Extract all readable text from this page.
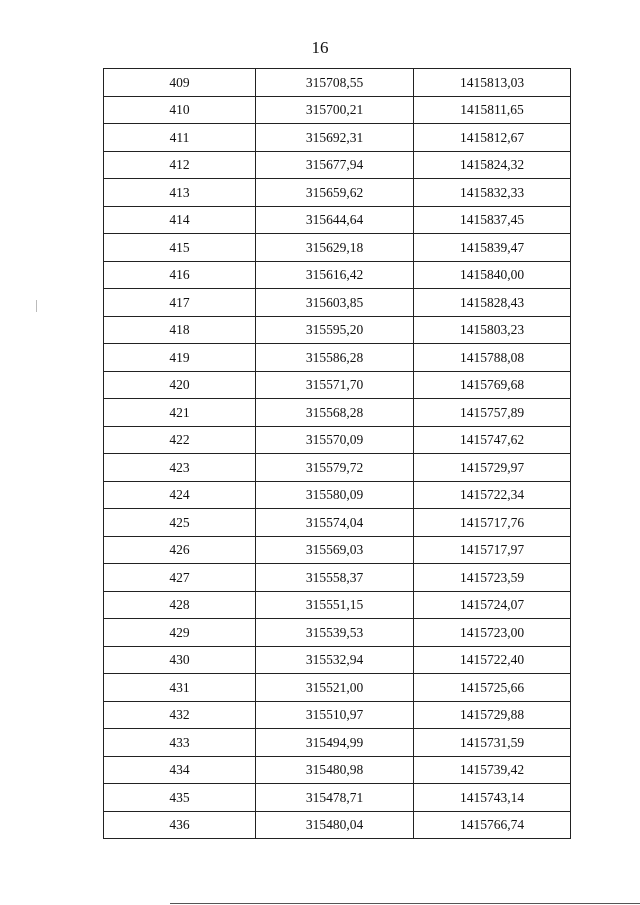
16
409	315708,55	1415813,03
410	315700,21	1415811,65
411	315692,31	1415812,67
412	315677,94	1415824,32
413	315659,62	1415832,33
414	315644,64	1415837,45
415	315629,18	1415839,47
416	315616,42	1415840,00
417	315603,85	1415828,43
418	315595,20	1415803,23
419	315586,28	1415788,08
420	315571,70	1415769,68
421	315568,28	1415757,89
422	315570,09	1415747,62
423	315579,72	1415729,97
424	315580,09	1415722,34
425	315574,04	1415717,76
426	315569,03	1415717,97
427	315558,37	1415723,59
428	315551,15	1415724,07
429	315539,53	1415723,00
430	315532,94	1415722,40
431	315521,00	1415725,66
432	315510,97	1415729,88
433	315494,99	1415731,59
434	315480,98	1415739,42
435	315478,71	1415743,14
436	315480,04	1415766,74
